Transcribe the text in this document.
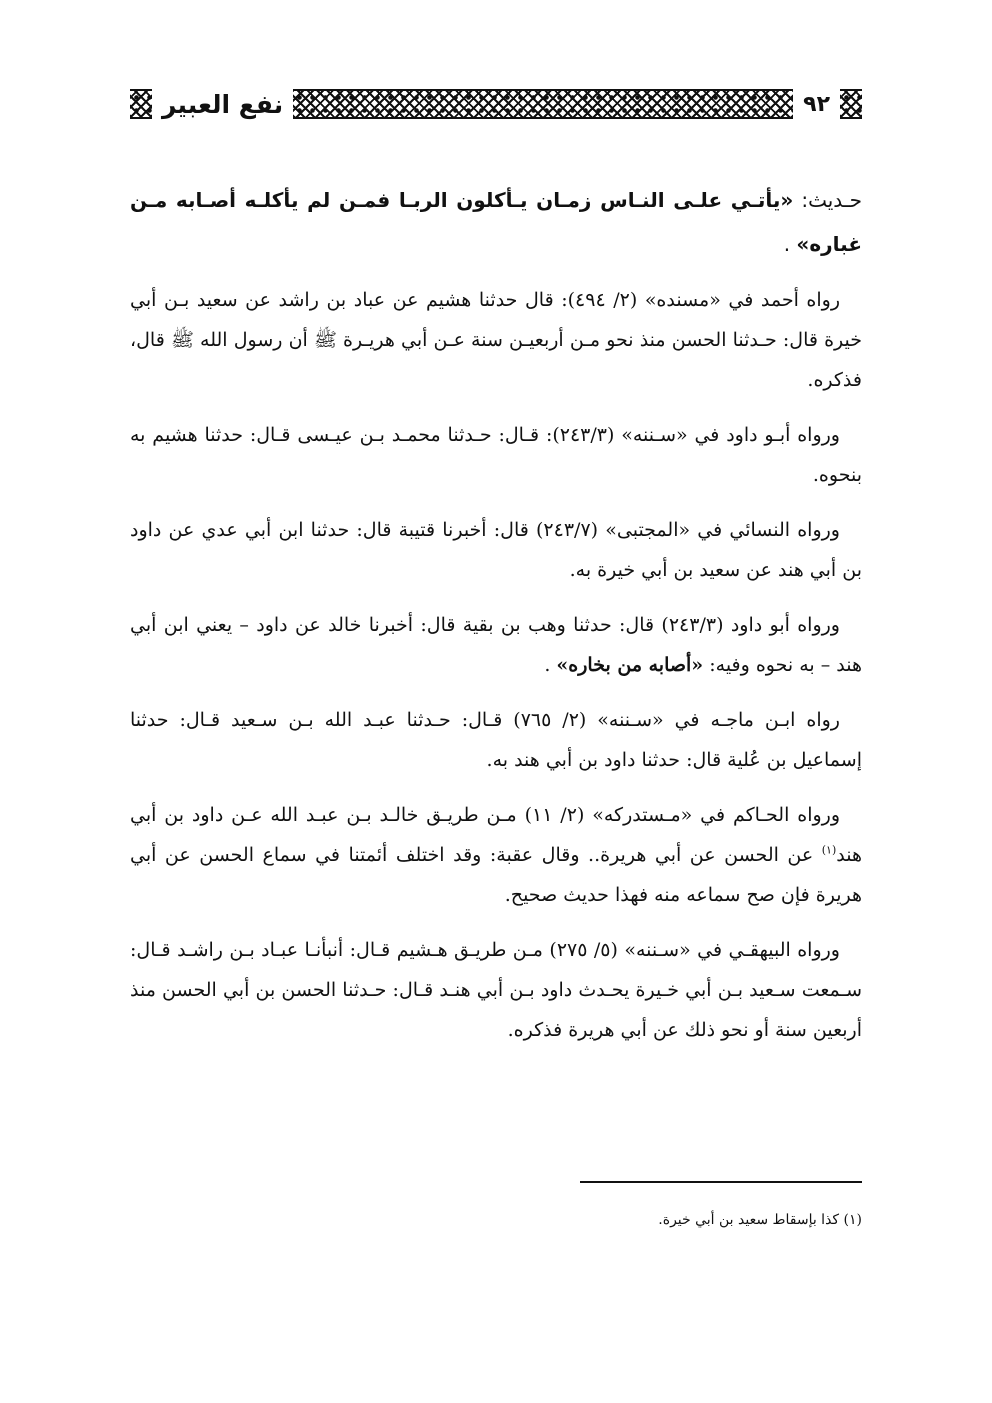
٩٢
نفع العبير

حـديث: «يأتـي علـى النـاس زمـان يـأكلون الربـا فمـن لم يأكلـه أصـابه مـن غباره» .

رواه أحمد في «مسنده» (٢/ ٤٩٤): قال حدثنا هشيم عن عباد بن راشد عن سعيد بـن أبي خيرة قال: حـدثنا الحسن منذ نحو مـن أربعيـن سنة عـن أبي هريـرة ﷺ أن رسول الله ﷺ قال، فذكره.

ورواه أبـو داود في «سـننه» (٢٤٣/٣): قـال: حـدثنا محمـد بـن عيـسى قـال: حدثنا هشيم به بنحوه.

ورواه النسائي في «المجتبى» (٢٤٣/٧) قال: أخبرنا قتيبة قال: حدثنا ابن أبي عدي عن داود بن أبي هند عن سعيد بن أبي خيرة به.

ورواه أبو داود (٢٤٣/٣) قال: حدثنا وهب بن بقية قال: أخبرنا خالد عن داود – يعني ابن أبي هند – به نحوه وفيه: «أصابه من بخاره» .

رواه ابـن ماجـه في «سـننه» (٢/ ٧٦٥) قـال: حـدثنا عبـد الله بـن سـعيد قـال: حدثنا إسماعيل بن عُلية قال: حدثنا داود بن أبي هند به.

ورواه الحـاكم في «مـستدركه» (٢/ ١١) مـن طريـق خالـد بـن عبـد الله عـن داود بن أبي هند$^{(١)}$ عن الحسن عن أبي هريرة.. وقال عقبة: وقد اختلف أئمتنا في سماع الحسن عن أبي هريرة فإن صح سماعه منه فهذا حديث صحيح.

ورواه البيهقـي في «سـننه» (٥/ ٢٧٥) مـن طريـق هـشيم قـال: أنبأنـا عبـاد بـن راشـد قـال: سـمعت سـعيد بـن أبي خـيرة يحـدث داود بـن أبي هنـد قـال: حـدثنا الحسن بن أبي الحسن منذ أربعين سنة أو نحو ذلك عن أبي هريرة فذكره.

(١) كذا بإسقاط سعيد بن أبي خيرة.
